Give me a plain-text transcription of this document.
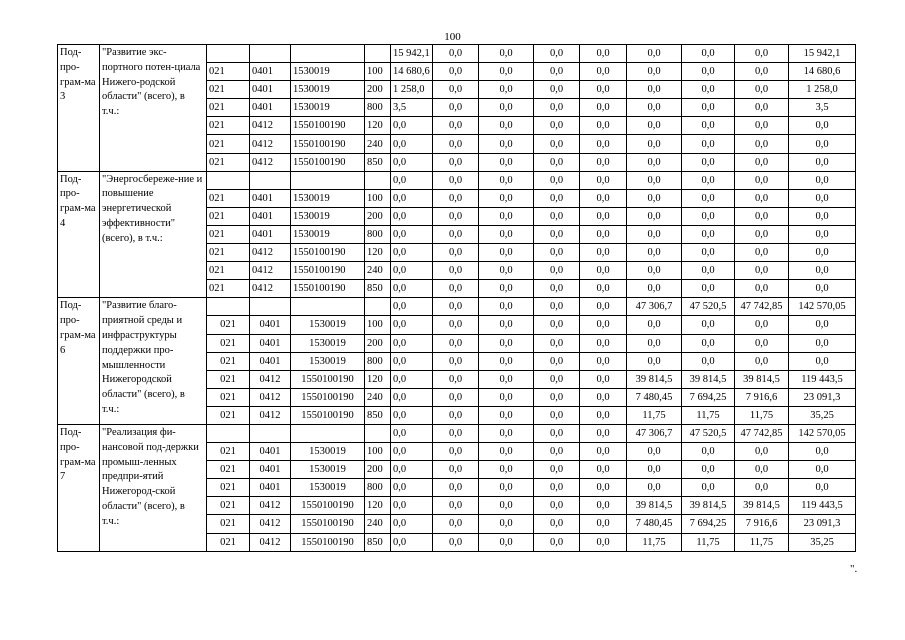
100
Под-про-грам-ма 3	"Развитие экс-портного потен-циала Нижего-родской области" (всего), в т.ч.:					15 942,1	0,0	0,0	0,0	0,0	0,0	0,0	0,0	15 942,1
		021	0401	1530019	100	14 680,6	0,0	0,0	0,0	0,0	0,0	0,0	0,0	14 680,6
		021	0401	1530019	200	1 258,0	0,0	0,0	0,0	0,0	0,0	0,0	0,0	1 258,0
		021	0401	1530019	800	3,5	0,0	0,0	0,0	0,0	0,0	0,0	0,0	3,5
		021	0412	1550100190	120	0,0	0,0	0,0	0,0	0,0	0,0	0,0	0,0	0,0
		021	0412	1550100190	240	0,0	0,0	0,0	0,0	0,0	0,0	0,0	0,0	0,0
		021	0412	1550100190	850	0,0	0,0	0,0	0,0	0,0	0,0	0,0	0,0	0,0
Под-про-грам-ма 4	"Энергосбереже-ние и повышение энергетической эффективности" (всего), в т.ч.:					0,0	0,0	0,0	0,0	0,0	0,0	0,0	0,0	0,0
		021	0401	1530019	100	0,0	0,0	0,0	0,0	0,0	0,0	0,0	0,0	0,0
		021	0401	1530019	200	0,0	0,0	0,0	0,0	0,0	0,0	0,0	0,0	0,0
		021	0401	1530019	800	0,0	0,0	0,0	0,0	0,0	0,0	0,0	0,0	0,0
		021	0412	1550100190	120	0,0	0,0	0,0	0,0	0,0	0,0	0,0	0,0	0,0
		021	0412	1550100190	240	0,0	0,0	0,0	0,0	0,0	0,0	0,0	0,0	0,0
		021	0412	1550100190	850	0,0	0,0	0,0	0,0	0,0	0,0	0,0	0,0	0,0
Под-про-грам-ма 6	"Развитие благо-приятной среды и инфраструктуры поддержки про-мышленности Нижегородской области" (всего), в т.ч.:					0,0	0,0	0,0	0,0	0,0	47 306,7	47 520,5	47 742,85	142 570,05
		021	0401	1530019	100	0,0	0,0	0,0	0,0	0,0	0,0	0,0	0,0	0,0
		021	0401	1530019	200	0,0	0,0	0,0	0,0	0,0	0,0	0,0	0,0	0,0
		021	0401	1530019	800	0,0	0,0	0,0	0,0	0,0	0,0	0,0	0,0	0,0
		021	0412	1550100190	120	0,0	0,0	0,0	0,0	0,0	39 814,5	39 814,5	39 814,5	119 443,5
		021	0412	1550100190	240	0,0	0,0	0,0	0,0	0,0	7 480,45	7 694,25	7 916,6	23 091,3
		021	0412	1550100190	850	0,0	0,0	0,0	0,0	0,0	11,75	11,75	11,75	35,25
Под-про-грам-ма 7	"Реализация фи-нансовой под-держки промыш-ленных предпри-ятий Нижегород-ской области" (всего), в т.ч.:					0,0	0,0	0,0	0,0	0,0	47 306,7	47 520,5	47 742,85	142 570,05
		021	0401	1530019	100	0,0	0,0	0,0	0,0	0,0	0,0	0,0	0,0	0,0
		021	0401	1530019	200	0,0	0,0	0,0	0,0	0,0	0,0	0,0	0,0	0,0
		021	0401	1530019	800	0,0	0,0	0,0	0,0	0,0	0,0	0,0	0,0	0,0
		021	0412	1550100190	120	0,0	0,0	0,0	0,0	0,0	39 814,5	39 814,5	39 814,5	119 443,5
		021	0412	1550100190	240	0,0	0,0	0,0	0,0	0,0	7 480,45	7 694,25	7 916,6	23 091,3
		021	0412	1550100190	850	0,0	0,0	0,0	0,0	0,0	11,75	11,75	11,75	35,25
".
